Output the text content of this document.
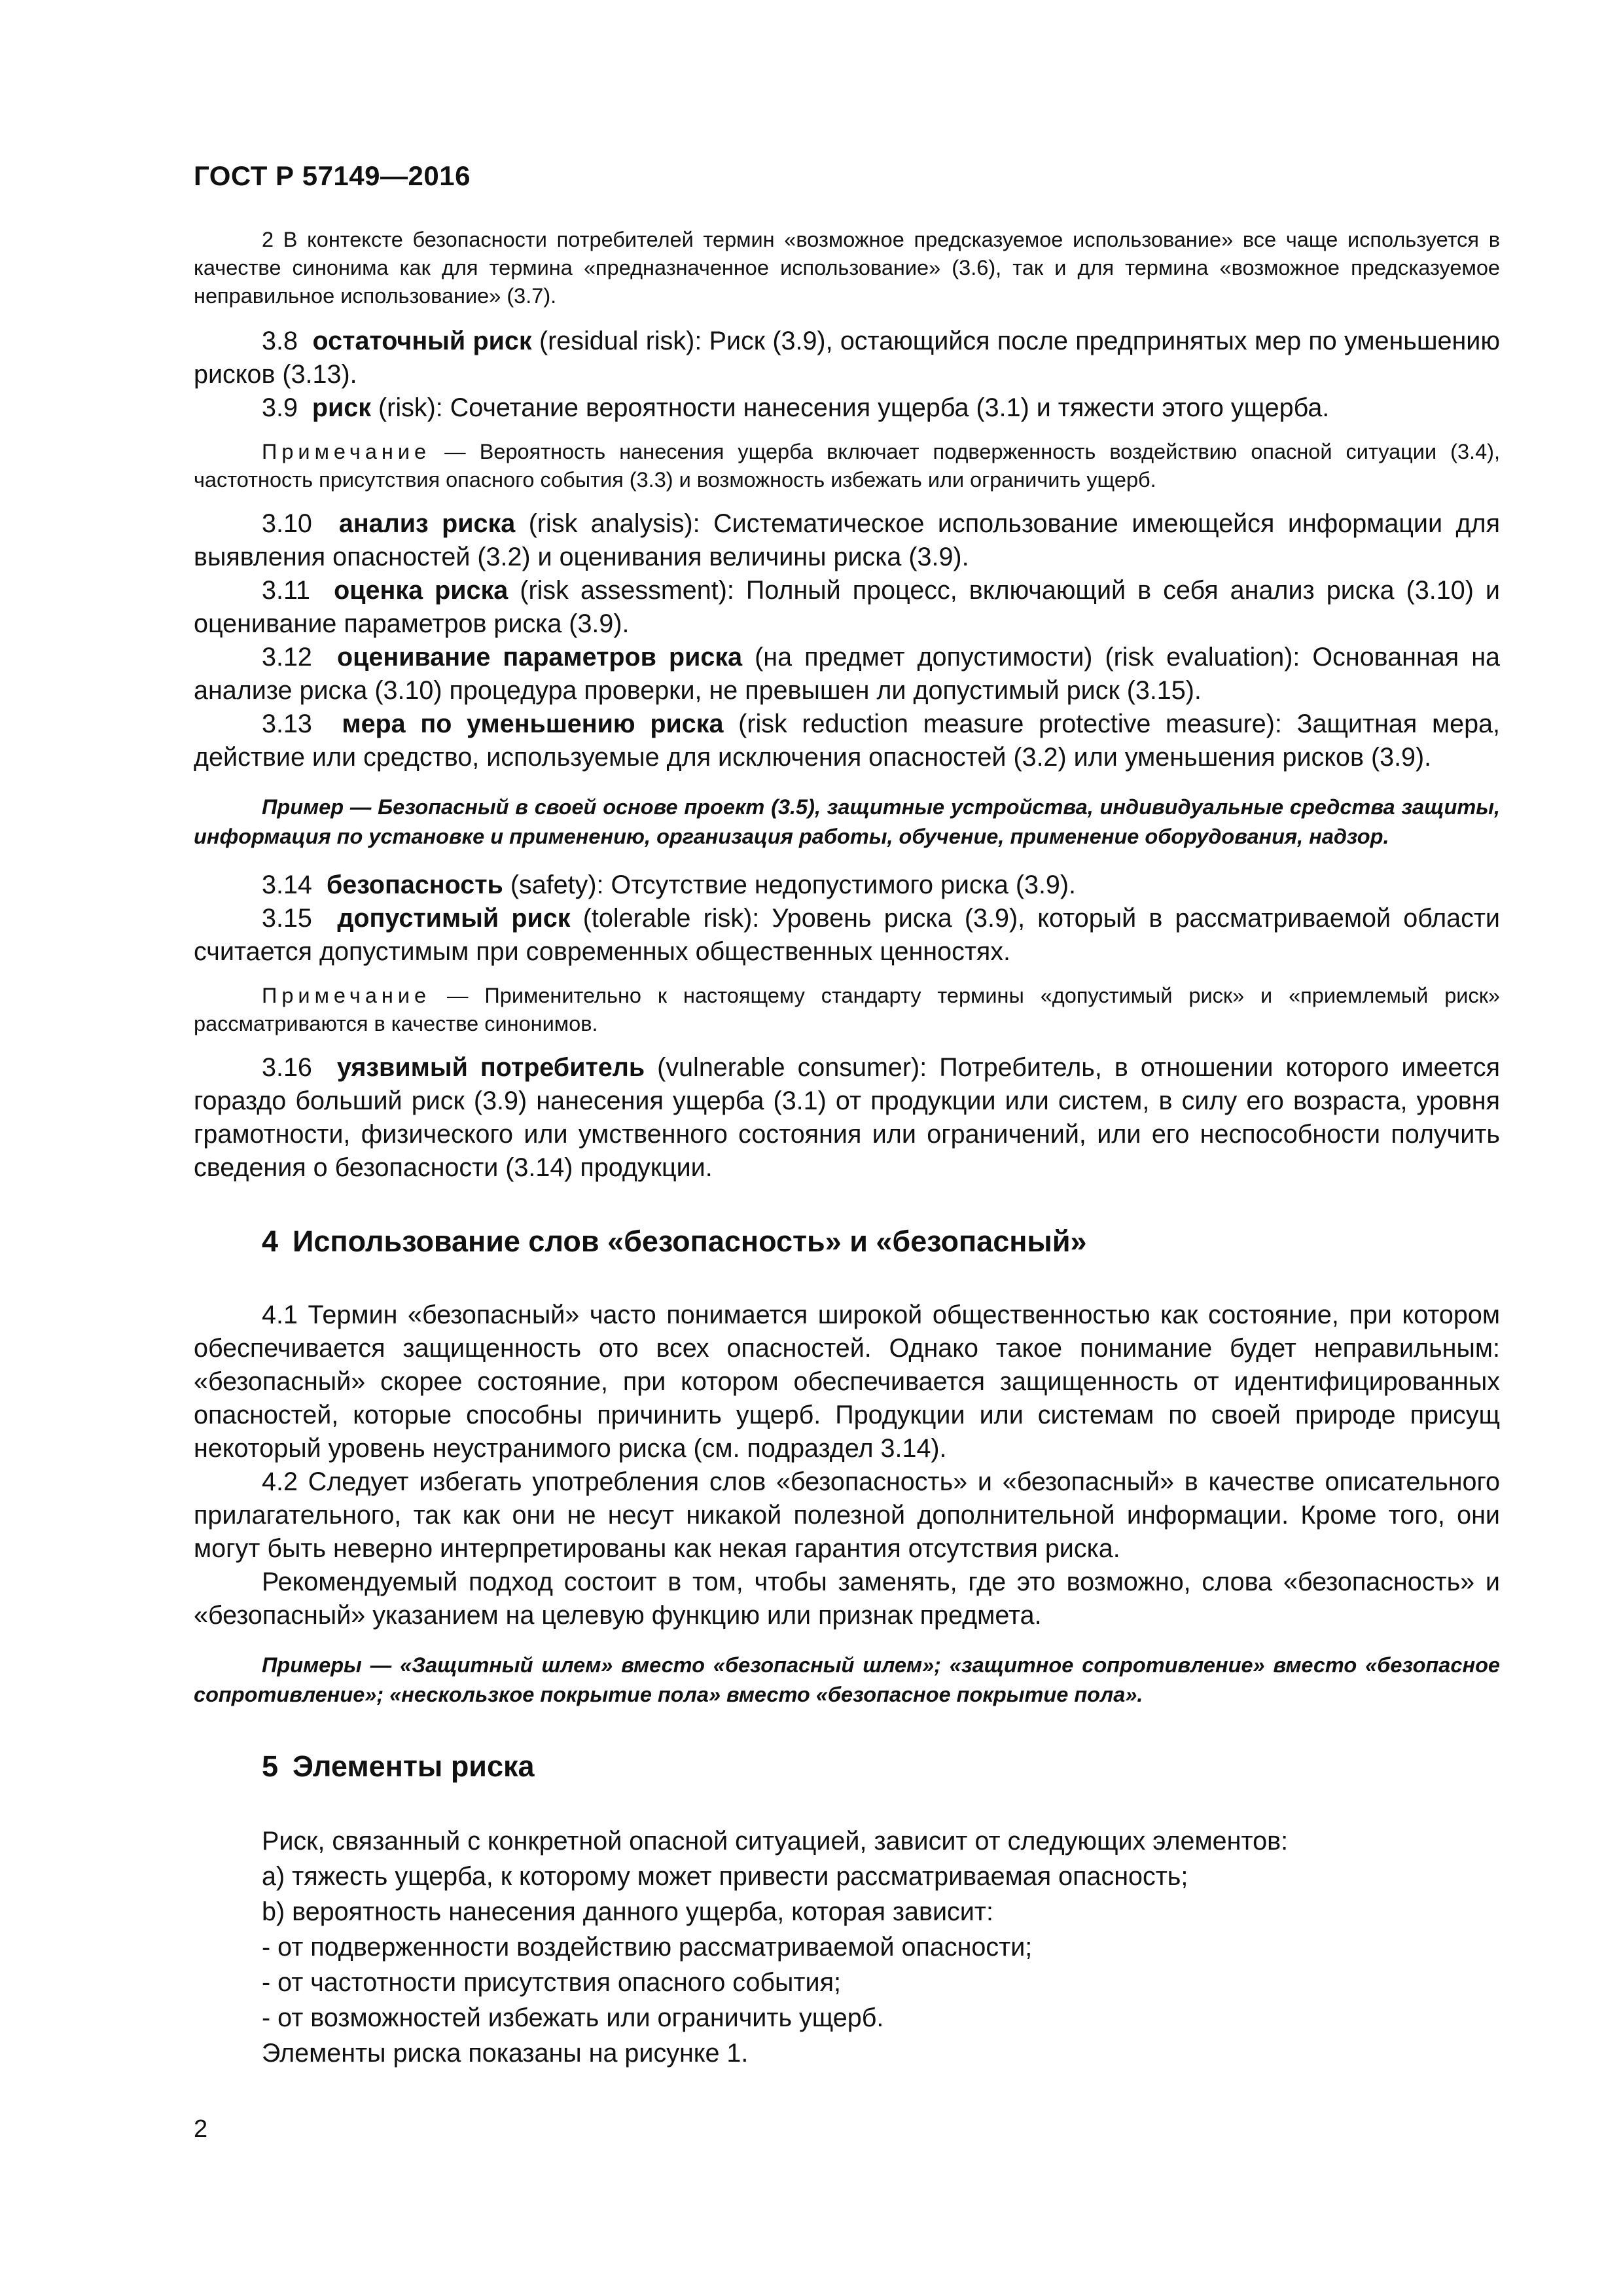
ГОСТ Р 57149—2016

2 В контексте безопасности потребителей термин «возможное предсказуемое использование» все чаще используется в качестве синонима как для термина «предназначенное использование» (3.6), так и для термина «возможное предсказуемое неправильное использование» (3.7).

3.8 остаточный риск (residual risk): Риск (3.9), остающийся после предпринятых мер по уменьшению рисков (3.13).

3.9 риск (risk): Сочетание вероятности нанесения ущерба (3.1) и тяжести этого ущерба.

Примечание — Вероятность нанесения ущерба включает подверженность воздействию опасной ситуации (3.4), частотность присутствия опасного события (3.3) и возможность избежать или ограничить ущерб.

3.10 анализ риска (risk analysis): Систематическое использование имеющейся информации для выявления опасностей (3.2) и оценивания величины риска (3.9).

3.11 оценка риска (risk assessment): Полный процесс, включающий в себя анализ риска (3.10) и оценивание параметров риска (3.9).

3.12 оценивание параметров риска (на предмет допустимости) (risk evaluation): Основанная на анализе риска (3.10) процедура проверки, не превышен ли допустимый риск (3.15).

3.13 мера по уменьшению риска (risk reduction measure protective measure): Защитная мера, действие или средство, используемые для исключения опасностей (3.2) или уменьшения рисков (3.9).

Пример — Безопасный в своей основе проект (3.5), защитные устройства, индивидуальные средства защиты, информация по установке и применению, организация работы, обучение, применение оборудования, надзор.

3.14 безопасность (safety): Отсутствие недопустимого риска (3.9).

3.15 допустимый риск (tolerable risk): Уровень риска (3.9), который в рассматриваемой области считается допустимым при современных общественных ценностях.

Примечание — Применительно к настоящему стандарту термины «допустимый риск» и «приемлемый риск» рассматриваются в качестве синонимов.

3.16 уязвимый потребитель (vulnerable consumer): Потребитель, в отношении которого имеется гораздо больший риск (3.9) нанесения ущерба (3.1) от продукции или систем, в силу его возраста, уровня грамотности, физического или умственного состояния или ограничений, или его неспособности получить сведения о безопасности (3.14) продукции.

4 Использование слов «безопасность» и «безопасный»

4.1 Термин «безопасный» часто понимается широкой общественностью как состояние, при котором обеспечивается защищенность ото всех опасностей. Однако такое понимание будет неправильным: «безопасный» скорее состояние, при котором обеспечивается защищенность от идентифицированных опасностей, которые способны причинить ущерб. Продукции или системам по своей природе присущ некоторый уровень неустранимого риска (см. подраздел 3.14).

4.2 Следует избегать употребления слов «безопасность» и «безопасный» в качестве описательного прилагательного, так как они не несут никакой полезной дополнительной информации. Кроме того, они могут быть неверно интерпретированы как некая гарантия отсутствия риска.

Рекомендуемый подход состоит в том, чтобы заменять, где это возможно, слова «безопасность» и «безопасный» указанием на целевую функцию или признак предмета.

Примеры — «Защитный шлем» вместо «безопасный шлем»; «защитное сопротивление» вместо «безопасное сопротивление»; «нескользкое покрытие пола» вместо «безопасное покрытие пола».

5 Элементы риска

Риск, связанный с конкретной опасной ситуацией, зависит от следующих элементов:

а) тяжесть ущерба, к которому может привести рассматриваемая опасность;

b) вероятность нанесения данного ущерба, которая зависит:

- от подверженности воздействию рассматриваемой опасности;

- от частотности присутствия опасного события;

- от возможностей избежать или ограничить ущерб.

Элементы риска показаны на рисунке 1.

2
